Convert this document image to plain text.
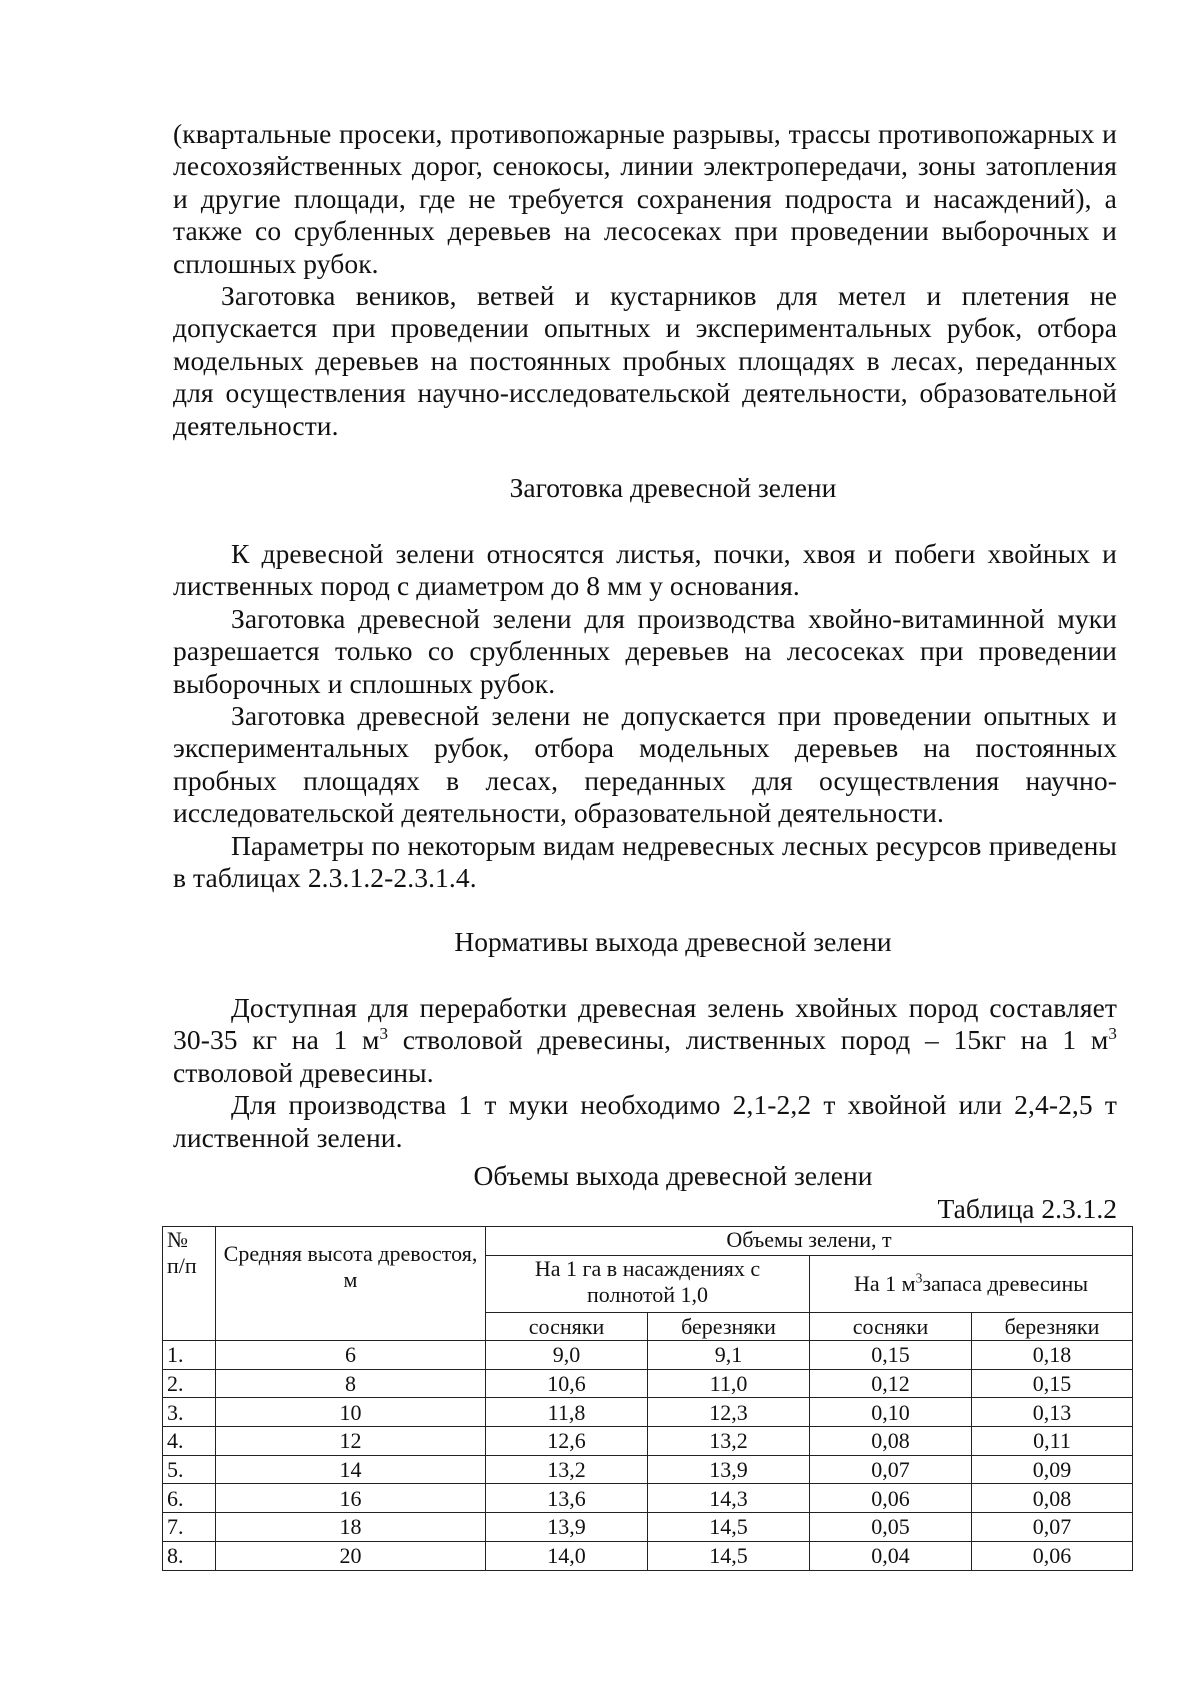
(квартальные просеки, противопожарные разрывы, трассы противопожарных и лесохозяйственных дорог, сенокосы, линии электропередачи, зоны затопления и другие площади, где не требуется сохранения подроста и насаждений), а также со срубленных деревьев на лесосеках при проведении выборочных и сплошных рубок.

Заготовка веников, ветвей и кустарников для метел и плетения не допускается при проведении опытных и экспериментальных рубок, отбора модельных деревьев на постоянных пробных площадях в лесах, переданных для осуществления научно-исследовательской деятельности, образовательной деятельности.

Заготовка древесной зелени

К древесной зелени относятся листья, почки, хвоя и побеги хвойных и лиственных пород с диаметром до 8 мм у основания.

Заготовка древесной зелени для производства хвойно-витаминной муки разрешается только со срубленных деревьев на лесосеках при проведении выборочных и сплошных рубок.

Заготовка древесной зелени не допускается при проведении опытных и экспериментальных рубок, отбора модельных деревьев на постоянных пробных площадях в лесах, переданных для осуществления научно-исследовательской деятельности, образовательной деятельности.

Параметры по некоторым видам недревесных лесных ресурсов приведены в таблицах 2.3.1.2-2.3.1.4.

Нормативы выхода древесной зелени

Доступная для переработки древесная зелень хвойных пород составляет 30-35 кг на 1 $м^3$ стволовой древесины, лиственных пород – 15кг на 1 $м^3$ стволовой древесины.

Для производства 1 т муки необходимо 2,1-2,2 т хвойной или 2,4-2,5 т лиственной зелени.

Объемы выхода древесной зелени
Таблица 2.3.1.2
№ п/п	Средняя высота древостоя, м	Объемы зелени, т			
		На 1 га в насаждениях с полнотой 1,0		На 1 $м^3запаса$ древесины	
		сосняки	березняки	сосняки	березняки
1.	6	9,0	9,1	0,15	0,18
2.	8	10,6	11,0	0,12	0,15
3.	10	11,8	12,3	0,10	0,13
4.	12	12,6	13,2	0,08	0,11
5.	14	13,2	13,9	0,07	0,09
6.	16	13,6	14,3	0,06	0,08
7.	18	13,9	14,5	0,05	0,07
8.	20	14,0	14,5	0,04	0,06
